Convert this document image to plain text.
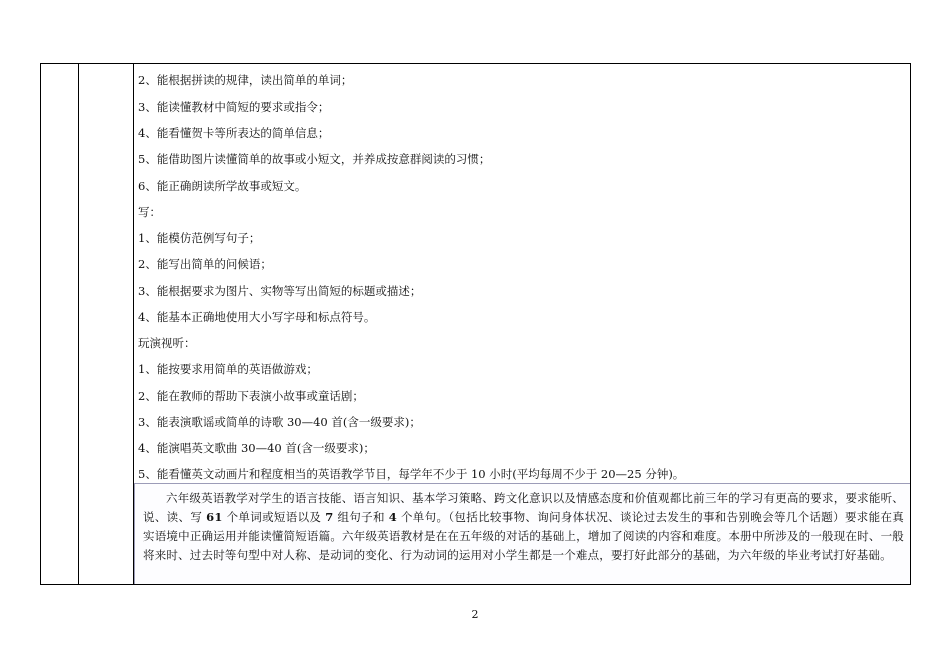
2、能根据拼读的规律，读出简单的单词；
3、能读懂教材中简短的要求或指令；
4、能看懂贺卡等所表达的简单信息；
5、能借助图片读懂简单的故事或小短文，并养成按意群阅读的习惯；
6、能正确朗读所学故事或短文。
写：
1、能模仿范例写句子；
2、能写出简单的问候语；
3、能根据要求为图片、实物等写出简短的标题或描述；
4、能基本正确地使用大小写字母和标点符号。
玩演视听：
1、能按要求用简单的英语做游戏；
2、能在教师的帮助下表演小故事或童话剧；
3、能表演歌谣或简单的诗歌 30—40 首(含一级要求)；
4、能演唱英文歌曲 30—40 首(含一级要求)；
5、能看懂英文动画片和程度相当的英语教学节目，每学年不少于 10 小时(平均每周不少于 20—25 分钟)。

六年级英语教学对学生的语言技能、语言知识、基本学习策略、跨文化意识以及情感态度和价值观都比前三年的学习有更高的要求，要求能听、说、读、写 61 个单词或短语以及 7 组句子和 4 个单句。（包括比较事物、询问身体状况、谈论过去发生的事和告别晚会等几个话题）要求能在真实语境中正确运用并能读懂简短语篇。六年级英语教材是在在五年级的对话的基础上，增加了阅读的内容和难度。本册中所涉及的一般现在时、一般将来时、过去时等句型中对人称、是动词的变化、行为动词的运用对小学生都是一个难点，要打好此部分的基础，为六年级的毕业考试打好基础。

2
